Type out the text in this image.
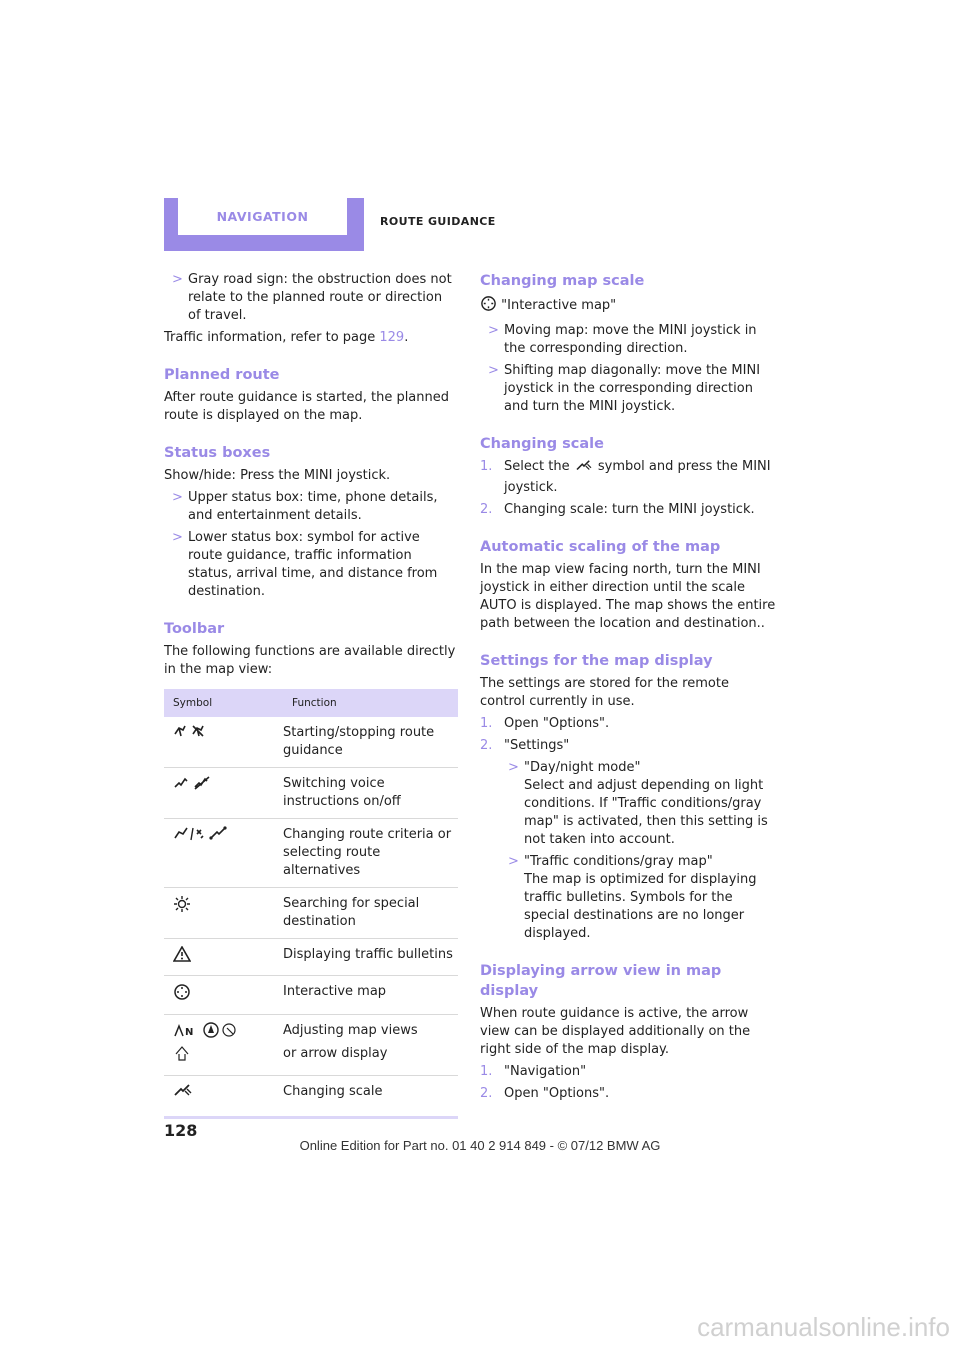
NAVIGATION	ROUTE GUIDANCE
> Gray road sign: the obstruction does not relate to the planned route or direction of travel.

Traffic information, refer to page 129.

Planned route

After route guidance is started, the planned route is displayed on the map.

Status boxes

Show/hide: Press the MINI joystick.

> Upper status box: time, phone details, and entertainment details.
> Lower status box: symbol for active route guidance, traffic information status, arrival time, and distance from destination.
Toolbar

The following functions are available directly in the map view:

Symbol	Function
	Starting/stopping route guidance
	Switching voice instructions on/off
	Changing route criteria or selecting route alternatives
	Searching for special destination
	Displaying traffic bulletins
	Interactive map

N	Adjusting map views
or arrow display

	Changing scale
Changing map scale

"Interactive map"

> Moving map: move the MINI joystick in the corresponding direction.
> Shifting map diagonally: move the MINI joystick in the corresponding direction and turn the MINI joystick.
Changing scale
1. Select the  symbol and press the MINI joystick.
2. Changing scale: turn the MINI joystick.
Automatic scaling of the map

In the map view facing north, turn the MINI joystick in either direction until the scale AUTO is displayed. The map shows the entire path between the location and destination..

Settings for the map display

The settings are stored for the remote control currently in use.

1. Open "Options".
2. "Settings"
> "Day/night mode"
Select and adjust depending on light conditions. If "Traffic conditions/gray map" is activated, then this setting is not taken into account.
> "Traffic conditions/gray map"
The map is optimized for displaying traffic bulletins. Symbols for the special destinations are no longer displayed.
Displaying arrow view in map display

When route guidance is active, the arrow view can be displayed additionally on the right side of the map display.

1. "Navigation"
2. Open "Options".
128
Online Edition for Part no. 01 40 2 914 849 - © 07/12 BMW AG
carmanualsonline.info
